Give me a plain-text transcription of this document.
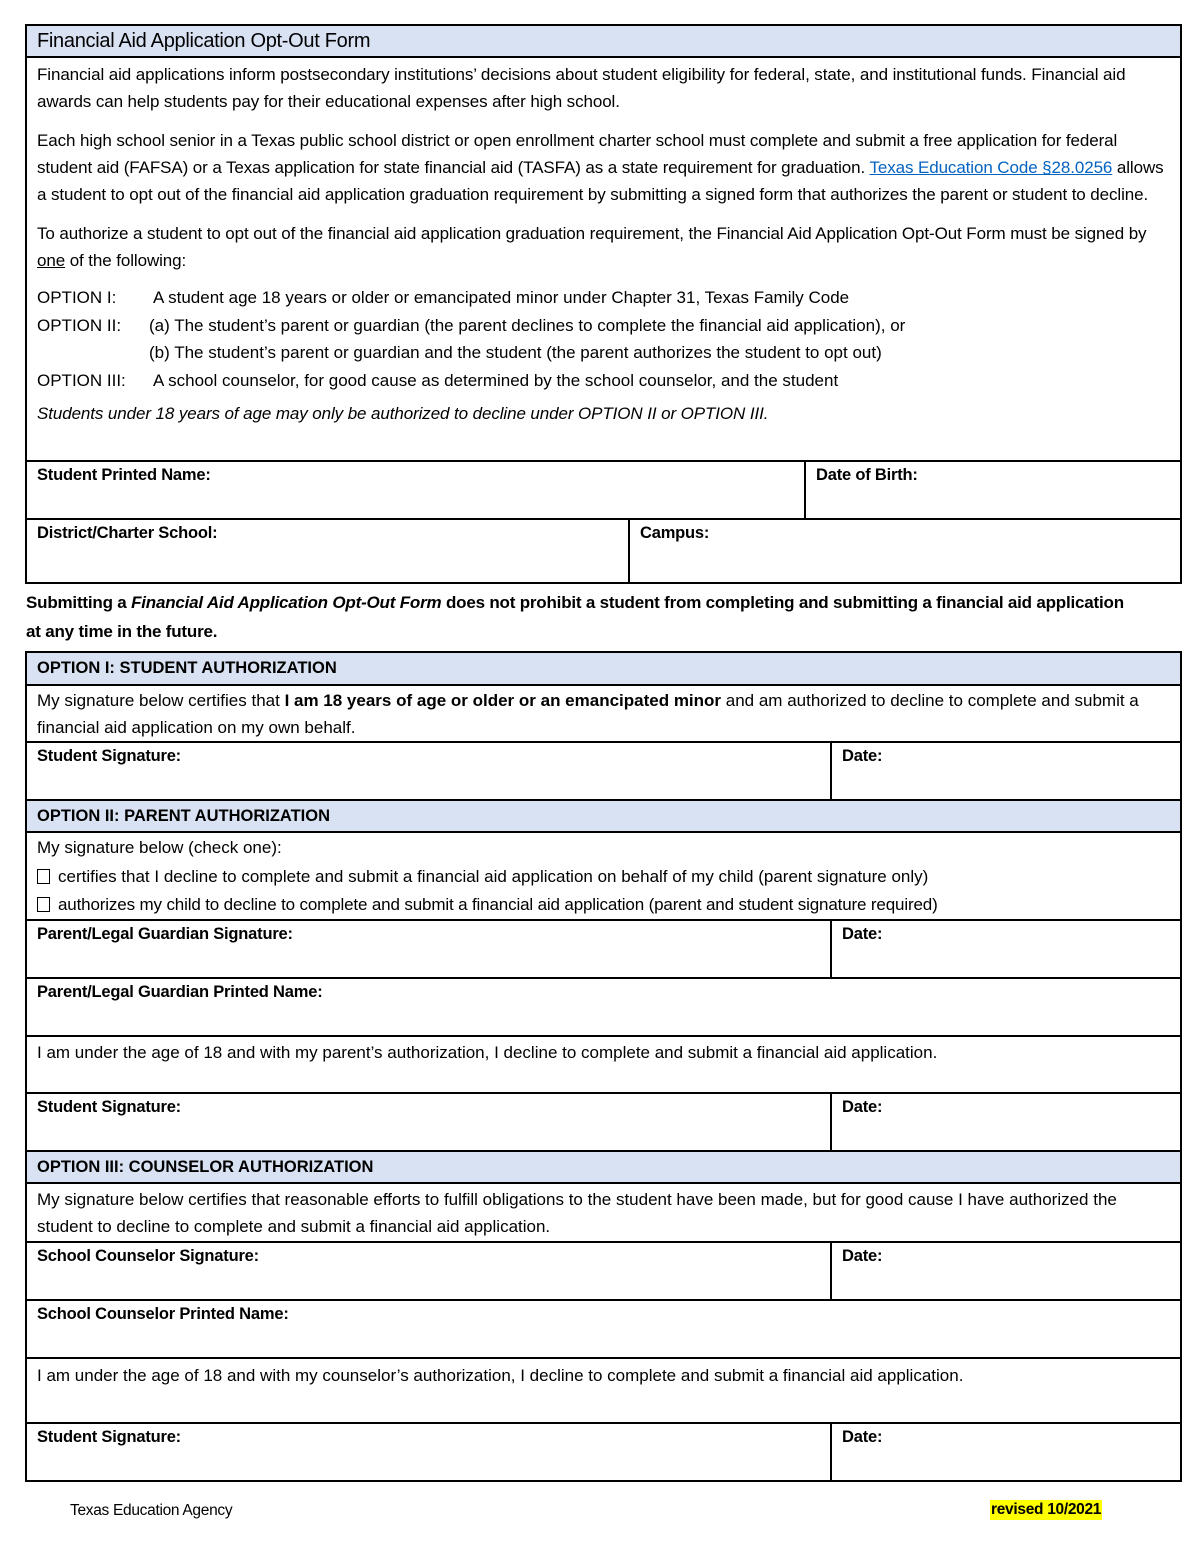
Financial Aid Application Opt-Out Form

Financial aid applications inform postsecondary institutions’ decisions about student eligibility for federal, state, and institutional funds. Financial aid awards can help students pay for their educational expenses after high school.

Each high school senior in a Texas public school district or open enrollment charter school must complete and submit a free application for federal student aid (FAFSA) or a Texas application for state financial aid (TASFA) as a state requirement for graduation. Texas Education Code §28.0256 allows a student to opt out of the financial aid application graduation requirement by submitting a signed form that authorizes the parent or student to decline.

To authorize a student to opt out of the financial aid application graduation requirement, the Financial Aid Application Opt-Out Form must be signed by one of the following:

OPTION I:	A student age 18 years or older or emancipated minor under Chapter 31, Texas Family Code
OPTION II:	(a) The student’s parent or guardian (the parent declines to complete the financial aid application), or
(b) The student’s parent or guardian and the student (the parent authorizes the student to opt out)
OPTION III:	A school counselor, for good cause as determined by the school counselor, and the student

Students under 18 years of age may only be authorized to decline under OPTION II or OPTION III.

Student Printed Name:	Date of Birth:
District/Charter School:	Campus:
Submitting a Financial Aid Application Opt-Out Form does not prohibit a student from completing and submitting a financial aid application at any time in the future.
OPTION I: STUDENT AUTHORIZATION
My signature below certifies that I am 18 years of age or older or an emancipated minor and am authorized to decline to complete and submit a financial aid application on my own behalf.
Student Signature:	Date:
OPTION II: PARENT AUTHORIZATION
My signature below (check one):
certifies that I decline to complete and submit a financial aid application on behalf of my child (parent signature only)
authorizes my child to decline to complete and submit a financial aid application (parent and student signature required)
Parent/Legal Guardian Signature:	Date:
Parent/Legal Guardian Printed Name:
I am under the age of 18 and with my parent’s authorization, I decline to complete and submit a financial aid application.
Student Signature:	Date:
OPTION III: COUNSELOR AUTHORIZATION
My signature below certifies that reasonable efforts to fulfill obligations to the student have been made, but for good cause I have authorized the student to decline to complete and submit a financial aid application.
School Counselor Signature:	Date:
School Counselor Printed Name:
I am under the age of 18 and with my counselor’s authorization, I decline to complete and submit a financial aid application.
Student Signature:	Date:
Texas Education Agency	revised 10/2021
